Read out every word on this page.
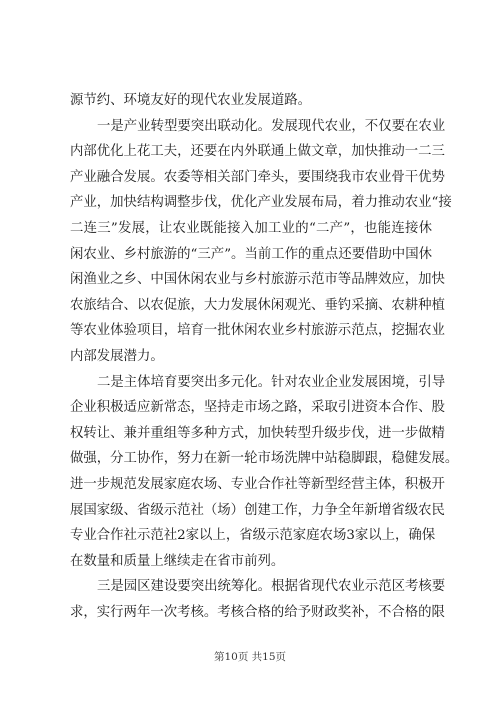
源节约、环境友好的现代农业发展道路。
一是产业转型要突出联动化。发展现代农业，不仅要在农业
内部优化上花工夫，还要在内外联通上做文章，加快推动一二三
产业融合发展。农委等相关部门牵头，要围绕我市农业骨干优势
产业，加快结构调整步伐，优化产业发展布局，着力推动农业“接
二连三”发展，让农业既能接入加工业的“二产”，也能连接休
闲农业、乡村旅游的“三产”。当前工作的重点还要借助中国休
闲渔业之乡、中国休闲农业与乡村旅游示范市等品牌效应，加快
农旅结合、以农促旅，大力发展休闲观光、垂钓采摘、农耕种植
等农业体验项目，培育一批休闲农业乡村旅游示范点，挖掘农业
内部发展潜力。
二是主体培育要突出多元化。针对农业企业发展困境，引导
企业积极适应新常态，坚持走市场之路，采取引进资本合作、股
权转让、兼并重组等多种方式，加快转型升级步伐，进一步做精
做强，分工协作，努力在新一轮市场洗牌中站稳脚跟，稳健发展。
进一步规范发展家庭农场、专业合作社等新型经营主体，积极开
展国家级、省级示范社（场）创建工作，力争全年新增省级农民
专业合作社示范社2家以上，省级示范家庭农场3家以上，确保
在数量和质量上继续走在省市前列。
三是园区建设要突出统筹化。根据省现代农业示范区考核要
求，实行两年一次考核。考核合格的给予财政奖补，不合格的限
第10页 共15页
